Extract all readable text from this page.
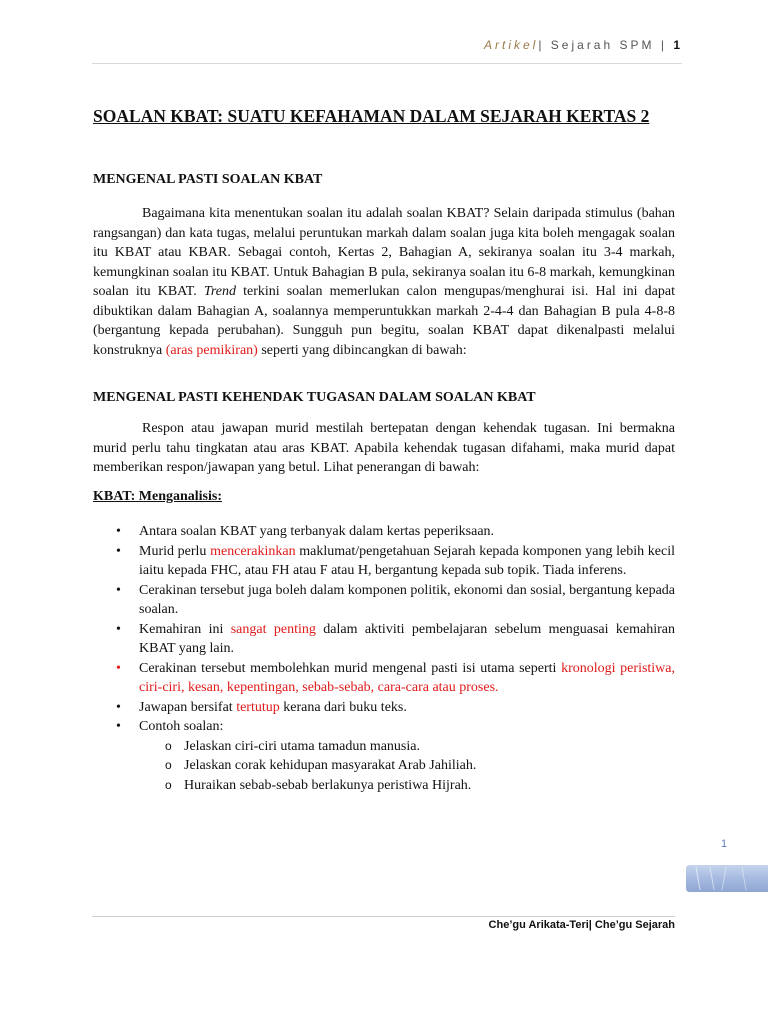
Artikel| Sejarah SPM | 1
SOALAN KBAT: SUATU KEFAHAMAN DALAM SEJARAH KERTAS 2
MENGENAL PASTI SOALAN KBAT

Bagaimana kita menentukan soalan itu adalah soalan KBAT? Selain daripada stimulus (bahan rangsangan) dan kata tugas, melalui peruntukan markah dalam soalan juga kita boleh mengagak soalan itu KBAT atau KBAR. Sebagai contoh, Kertas 2, Bahagian A, sekiranya soalan itu 3-4 markah, kemungkinan soalan itu KBAT. Untuk Bahagian B pula, sekiranya soalan itu 6-8 markah, kemungkinan soalan itu KBAT. Trend terkini soalan memerlukan calon mengupas/menghurai isi. Hal ini dapat dibuktikan dalam Bahagian A, soalannya memperuntukkan markah 2-4-4 dan Bahagian B pula 4-8-8 (bergantung kepada perubahan). Sungguh pun begitu, soalan KBAT dapat dikenalpasti melalui konstruknya (aras pemikiran) seperti yang dibincangkan di bawah:

MENGENAL PASTI KEHENDAK TUGASAN DALAM SOALAN KBAT

Respon atau jawapan murid mestilah bertepatan dengan kehendak tugasan. Ini bermakna murid perlu tahu tingkatan atau aras KBAT. Apabila kehendak tugasan difahami, maka murid dapat memberikan respon/jawapan yang betul. Lihat penerangan di bawah:

KBAT: Menganalisis:
• Antara soalan KBAT yang terbanyak dalam kertas peperiksaan.
• Murid perlu mencerakinkan maklumat/pengetahuan Sejarah kepada komponen yang lebih kecil iaitu kepada FHC, atau FH atau F atau H, bergantung kepada sub topik. Tiada inferens.
• Cerakinan tersebut juga boleh dalam komponen politik, ekonomi dan sosial, bergantung kepada soalan.
• Kemahiran ini sangat penting dalam aktiviti pembelajaran sebelum menguasai kemahiran KBAT yang lain.
• Cerakinan tersebut membolehkan murid mengenal pasti isi utama seperti kronologi peristiwa, ciri-ciri, kesan, kepentingan, sebab-sebab, cara-cara atau proses.
• Jawapan bersifat tertutup kerana dari buku teks.
• Contoh soalan:
o Jelaskan ciri-ciri utama tamadun manusia.
o Jelaskan corak kehidupan masyarakat Arab Jahiliah.
o Huraikan sebab-sebab berlakunya peristiwa Hijrah.
1
Che’gu Arikata-Teri| Che’gu Sejarah
